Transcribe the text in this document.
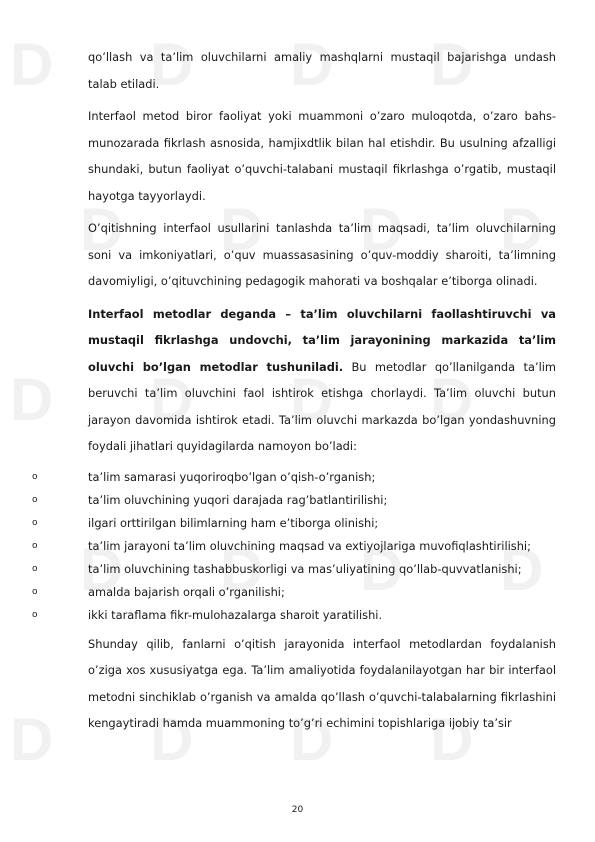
D D D D
D D D D
D D D D
D D D D
D D D D

qo’llash va ta’lim oluvchilarni amaliy mashqlarni mustaqil bajarishga undash talab etiladi.

Interfaol metod biror faoliyat yoki muammoni o’zaro muloqotda, o’zaro bahs-munozarada fikrlash asnosida, hamjixdtlik bilan hal etishdir. Bu usulning afzalligi shundaki, butun faoliyat o’quvchi-talabani mustaqil fikrlashga o’rgatib, mustaqil hayotga tayyorlaydi.

O’qitishning interfaol usullarini tanlashda ta’lim maqsadi, ta’lim oluvchilarning soni va imkoniyatlari, o’quv muassasasining o’quv-moddiy sharoiti, ta’limning davomiyligi, o’qituvchining pedagogik mahorati va boshqalar e’tiborga olinadi.

Interfaol metodlar deganda – ta’lim oluvchilarni faollashtiruvchi va mustaqil fikrlashga undovchi, ta’lim jarayonining markazida ta’lim oluvchi bo’lgan metodlar tushuniladi. Bu metodlar qo’llanilganda ta’lim beruvchi ta’lim oluvchini faol ishtirok etishga chorlaydi. Ta’lim oluvchi butun jarayon davomida ishtirok etadi. Ta’lim oluvchi markazda bo’lgan yondashuvning foydali jihatlari quyidagilarda namoyon bo’ladi:

o	ta’lim samarasi yuqoriroqbo’lgan o’qish-o’rganish;
o	ta’lim oluvchining yuqori darajada rag’batlantirilishi;
o	ilgari orttirilgan bilimlarning ham e’tiborga olinishi;
o	ta’lim jarayoni ta’lim oluvchining maqsad va extiyojlariga muvofiqlashtirilishi;
o	ta’lim oluvchining tashabbuskorligi va mas’uliyatining qo’llab-quvvatlanishi;
o	amalda bajarish orqali o’rganilishi;
o	ikki taraflama fikr-mulohazalarga sharoit yaratilishi.

Shunday qilib, fanlarni o’qitish jarayonida interfaol metodlardan foydalanish o’ziga xos xususiyatga ega. Ta’lim amaliyotida foydalanilayotgan har bir interfaol metodni sinchiklab o’rganish va amalda qo’llash o’quvchi-talabalarning fikrlashini kengaytiradi hamda muammoning to’g’ri echimini topishlariga ijobiy ta’sir

20
